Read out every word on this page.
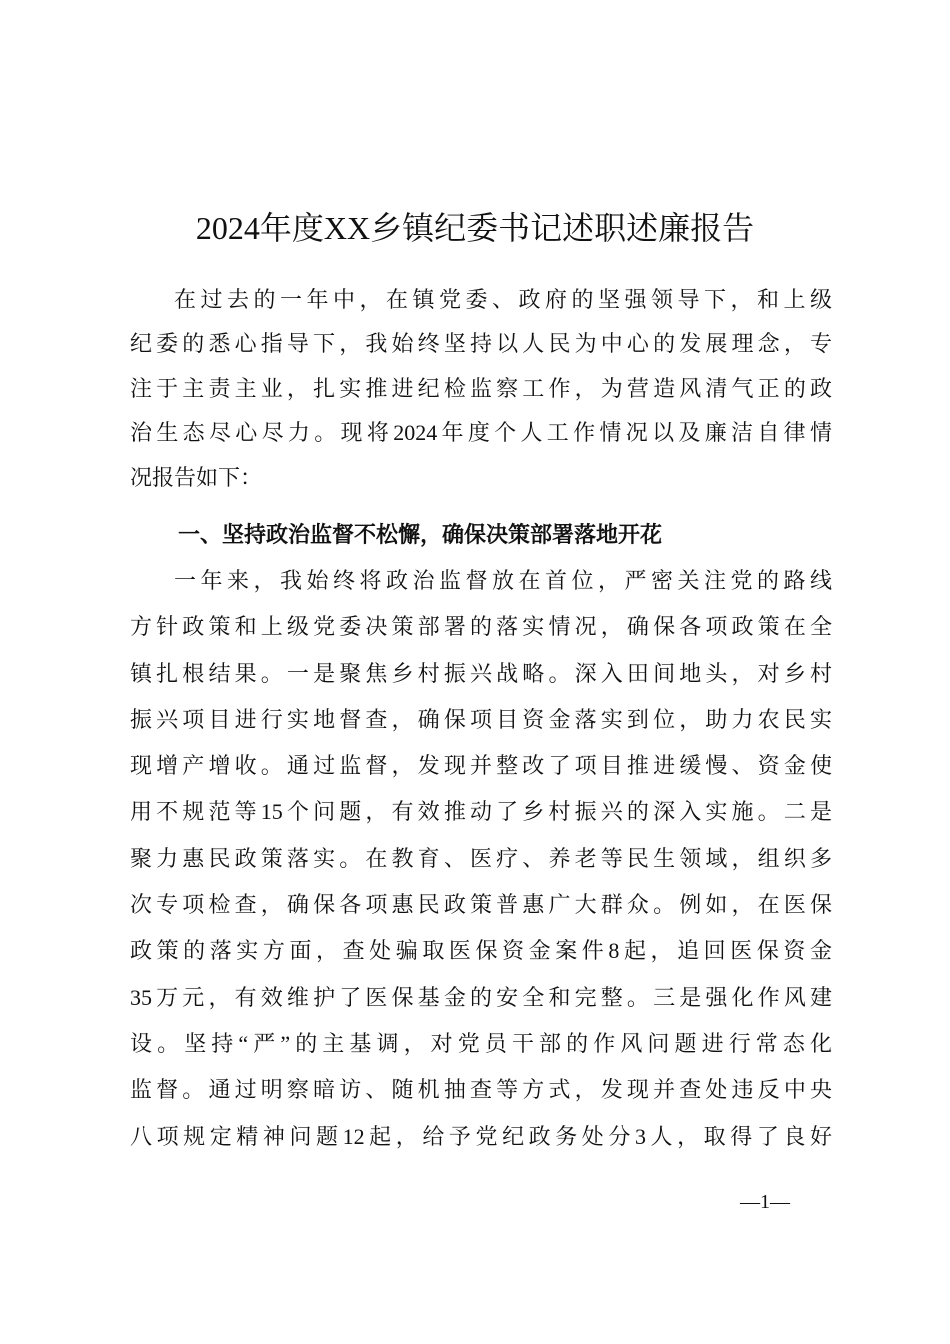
2024年度XX乡镇纪委书记述职述廉报告
在过去的一年中，在镇党委、政府的坚强领导下，和上级
纪委的悉心指导下，我始终坚持以人民为中心的发展理念，专
注于主责主业，扎实推进纪检监察工作，为营造风清气正的政
治生态尽心尽力。现将2024年度个人工作情况以及廉洁自律情
况报告如下：
一、坚持政治监督不松懈，确保决策部署落地开花
一年来，我始终将政治监督放在首位，严密关注党的路线
方针政策和上级党委决策部署的落实情况，确保各项政策在全
镇扎根结果。一是聚焦乡村振兴战略。深入田间地头，对乡村
振兴项目进行实地督查，确保项目资金落实到位，助力农民实
现增产增收。通过监督，发现并整改了项目推进缓慢、资金使
用不规范等15个问题，有效推动了乡村振兴的深入实施。二是
聚力惠民政策落实。在教育、医疗、养老等民生领域，组织多
次专项检查，确保各项惠民政策普惠广大群众。例如，在医保
政策的落实方面，查处骗取医保资金案件8起，追回医保资金
35万元，有效维护了医保基金的安全和完整。三是强化作风建
设。坚持“严”的主基调，对党员干部的作风问题进行常态化
监督。通过明察暗访、随机抽查等方式，发现并查处违反中央
八项规定精神问题12起，给予党纪政务处分3人，取得了良好
—1—
